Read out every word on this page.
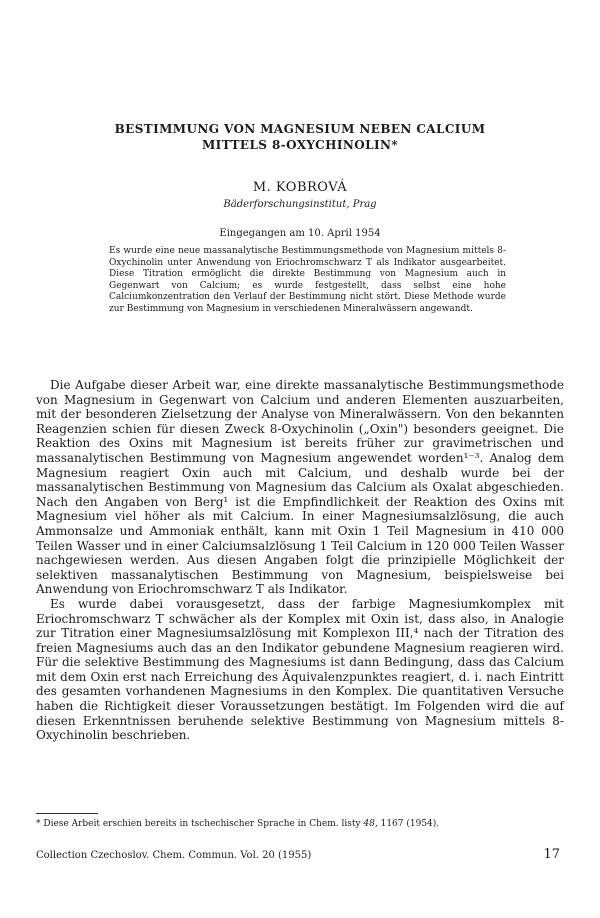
BESTIMMUNG VON MAGNESIUM NEBEN CALCIUM
MITTELS 8-OXYCHINOLIN*
M. KOBROVÁ
Bäderforschungsinstitut, Prag
Eingegangen am 10. April 1954
Es wurde eine neue massanalytische Bestimmungsmethode von Magnesium mittels 8-Oxychinolin unter Anwendung von Eriochromschwarz T als Indikator ausgearbeitet. Diese Titration ermöglicht die direkte Bestimmung von Magnesium auch in Gegenwart von Calcium; es wurde festgestellt, dass selbst eine hohe Calciumkonzentration den Verlauf der Bestimmung nicht stört. Diese Methode wurde zur Bestimmung von Magnesium in verschiedenen Mineralwässern angewandt.

Die Aufgabe dieser Arbeit war, eine direkte massanalytische Bestimmungsmethode von Magnesium in Gegenwart von Calcium und anderen Elementen auszuarbeiten, mit der besonderen Zielsetzung der Analyse von Mineralwässern. Von den bekannten Reagenzien schien für diesen Zweck 8-Oxychinolin („Oxin") besonders geeignet. Die Reaktion des Oxins mit Magnesium ist bereits früher zur gravimetrischen und massanalytischen Bestimmung von Magnesium angewendet worden¹⁻³. Analog dem Magnesium reagiert Oxin auch mit Calcium, und deshalb wurde bei der massanalytischen Bestimmung von Magnesium das Calcium als Oxalat abgeschieden. Nach den Angaben von Berg¹ ist die Empfindlichkeit der Reaktion des Oxins mit Magnesium viel höher als mit Calcium. In einer Magnesiumsalzlösung, die auch Ammonsalze und Ammoniak enthält, kann mit Oxin 1 Teil Magnesium in 410 000 Teilen Wasser und in einer Calciumsalzlösung 1 Teil Calcium in 120 000 Teilen Wasser nachgewiesen werden. Aus diesen Angaben folgt die prinzipielle Möglichkeit der selektiven massanalytischen Bestimmung von Magnesium, beispielsweise bei Anwendung von Eriochromschwarz T als Indikator.

Es wurde dabei vorausgesetzt, dass der farbige Magnesiumkomplex mit Eriochromschwarz T schwächer als der Komplex mit Oxin ist, dass also, in Analogie zur Titration einer Magnesiumsalzlösung mit Komplexon III,⁴ nach der Titration des freien Magnesiums auch das an den Indikator gebundene Magnesium reagieren wird. Für die selektive Bestimmung des Magnesiums ist dann Bedingung, dass das Calcium mit dem Oxin erst nach Erreichung des Äquivalenzpunktes reagiert, d. i. nach Eintritt des gesamten vorhandenen Magnesiums in den Komplex. Die quantitativen Versuche haben die Richtigkeit dieser Voraussetzungen bestätigt. Im Folgenden wird die auf diesen Erkenntnissen beruhende selektive Bestimmung von Magnesium mittels 8-Oxychinolin beschrieben.

* Diese Arbeit erschien bereits in tschechischer Sprache in Chem. listy 48, 1167 (1954).
Collection Czechoslov. Chem. Commun. Vol. 20 (1955)	17
